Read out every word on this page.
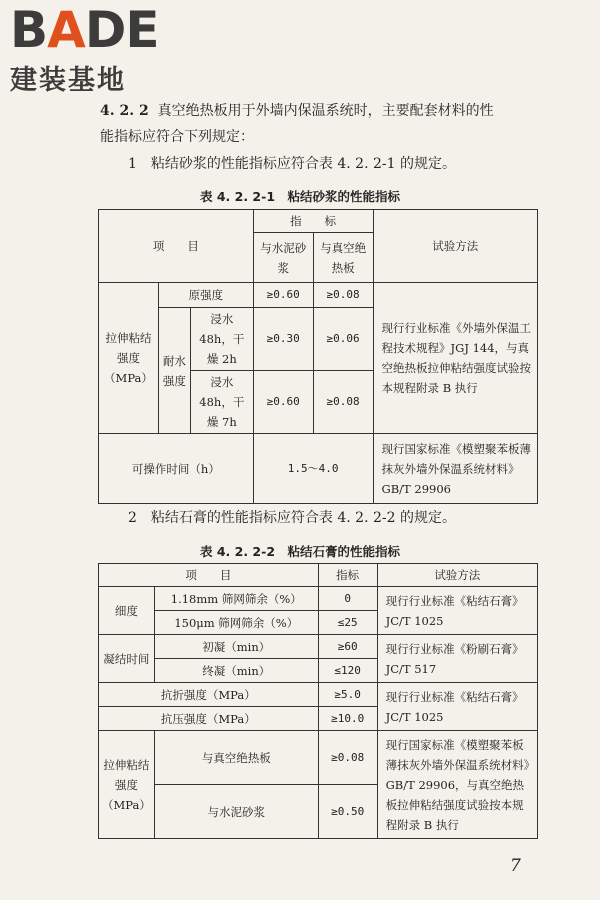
BADE
建装基地
4. 2. 2 真空绝热板用于外墙内保温系统时，主要配套材料的性
能指标应符合下列规定：
1　粘结砂浆的性能指标应符合表 4. 2. 2-1 的规定。
表 4. 2. 2-1　粘结砂浆的性能指标
项　　目			指　　标		试验方法
			与水泥砂浆	与真空绝热板	
拉伸粘结强度（MPa）	原强度		≥0.60	≥0.08	现行行业标准《外墙外保温工程技术规程》JGJ 144，与真空绝热板拉伸粘结强度试验按本规程附录 B 执行
	耐水强度	浸水 48h，干燥 2h	≥0.30	≥0.06	
		浸水 48h，干燥 7h	≥0.60	≥0.08	
可操作时间（h）			1.5～4.0		现行国家标准《模塑聚苯板薄抹灰外墙外保温系统材料》GB/T 29906
2　粘结石膏的性能指标应符合表 4. 2. 2-2 的规定。
表 4. 2. 2-2　粘结石膏的性能指标
项　　目		指标	试验方法
细度	1.18mm 筛网筛余（%）	0	现行行业标准《粘结石膏》JC/T 1025
	150μm 筛网筛余（%）	≤25	
凝结时间	初凝（min）	≥60	现行行业标准《粉刷石膏》JC/T 517
	终凝（min）	≤120	
抗折强度（MPa）		≥5.0	现行行业标准《粘结石膏》JC/T 1025
抗压强度（MPa）		≥10.0	
拉伸粘结强度（MPa）	与真空绝热板	≥0.08	现行国家标准《模塑聚苯板薄抹灰外墙外保温系统材料》GB/T 29906，与真空绝热板拉伸粘结强度试验按本规程附录 B 执行
	与水泥砂浆	≥0.50	
7
